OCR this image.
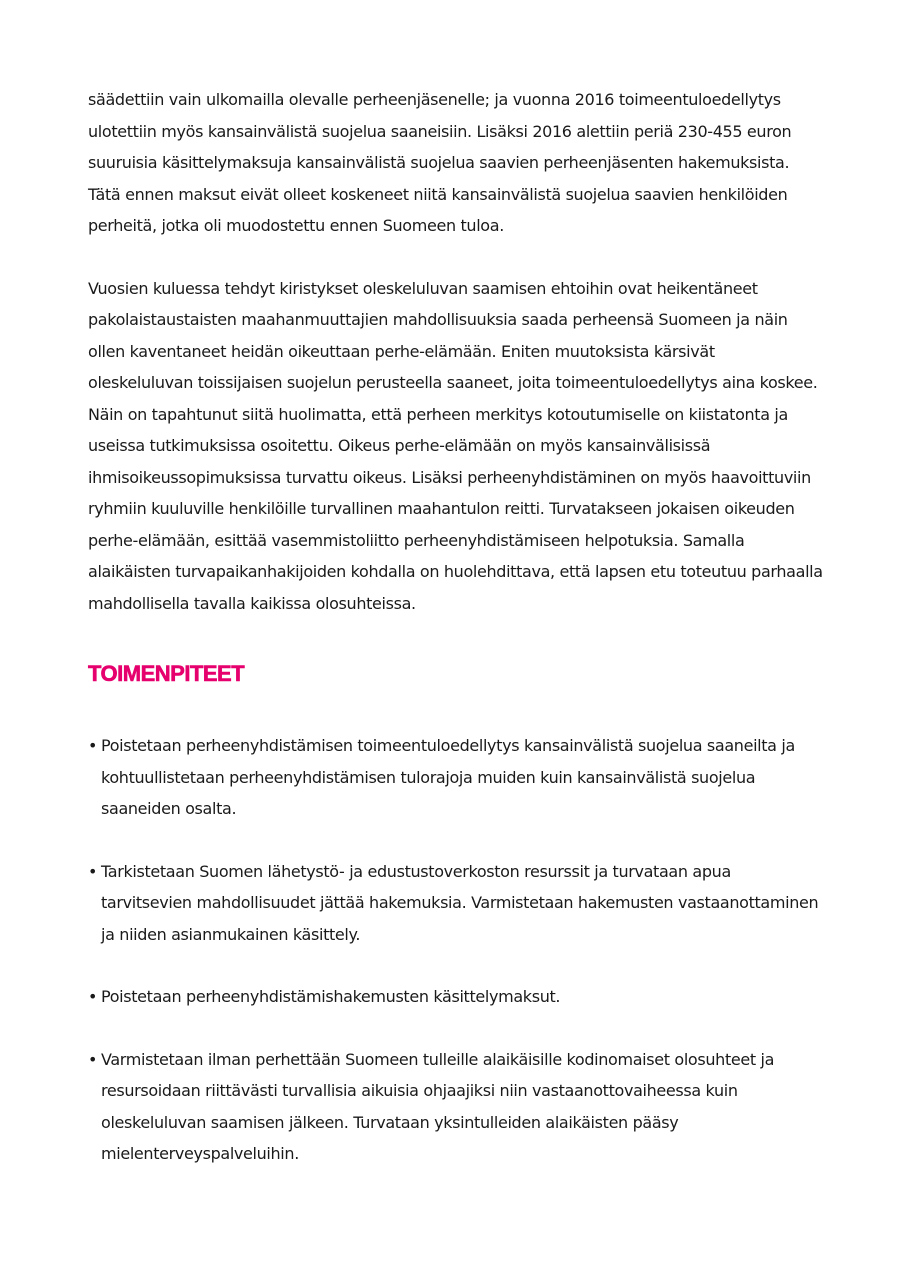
säädettiin vain ulkomailla olevalle perheenjäsenelle; ja vuonna 2016 toimeentuloedellytys ulotettiin myös kansainvälistä suojelua saaneisiin. Lisäksi 2016 alettiin periä 230-455 euron suuruisia käsittelymaksuja kansainvälistä suojelua saavien perheenjäsenten hakemuksista. Tätä ennen maksut eivät olleet koskeneet niitä kansainvälistä suojelua saavien henkilöiden perheitä, jotka oli muodostettu ennen Suomeen tuloa.

Vuosien kuluessa tehdyt kiristykset oleskeluluvan saamisen ehtoihin ovat heikentäneet pakolaistaustaisten maahanmuuttajien mahdollisuuksia saada perheensä Suomeen ja näin ollen kaventaneet heidän oikeuttaan perhe-elämään. Eniten muutoksista kärsivät oleskeluluvan toissijaisen suojelun perusteella saaneet, joita toimeentuloedellytys aina koskee. Näin on tapahtunut siitä huolimatta, että perheen merkitys kotoutumiselle on kiistatonta ja useissa tutkimuksissa osoitettu. Oikeus perhe-elämään on myös kansainvälisissä ihmisoikeussopimuksissa turvattu oikeus. Lisäksi perheenyhdistäminen on myös haavoittuviin ryhmiin kuuluville henkilöille turvallinen maahantulon reitti. Turvatakseen jokaisen oikeuden perhe-elämään, esittää vasemmistoliitto perheenyhdistämiseen helpotuksia. Samalla alaikäisten turvapaikanhakijoiden kohdalla on huolehdittava, että lapsen etu toteutuu parhaalla mahdollisella tavalla kaikissa olosuhteissa.

TOIMENPITEET
• Poistetaan perheenyhdistämisen toimeentuloedellytys kansainvälistä suojelua saaneilta ja kohtuullistetaan perheenyhdistämisen tulorajoja muiden kuin kansainvälistä suojelua saaneiden osalta.
• Tarkistetaan Suomen lähetystö- ja edustustoverkoston resurssit ja turvataan apua tarvitsevien mahdollisuudet jättää hakemuksia. Varmistetaan hakemusten vastaanottaminen ja niiden asianmukainen käsittely.
• Poistetaan perheenyhdistämishakemusten käsittelymaksut.
• Varmistetaan ilman perhettään Suomeen tulleille alaikäisille kodinomaiset olosuhteet ja resursoidaan riittävästi turvallisia aikuisia ohjaajiksi niin vastaanottovaiheessa kuin oleskeluluvan saamisen jälkeen. Turvataan yksintulleiden alaikäisten pääsy mielenterveyspalveluihin.
